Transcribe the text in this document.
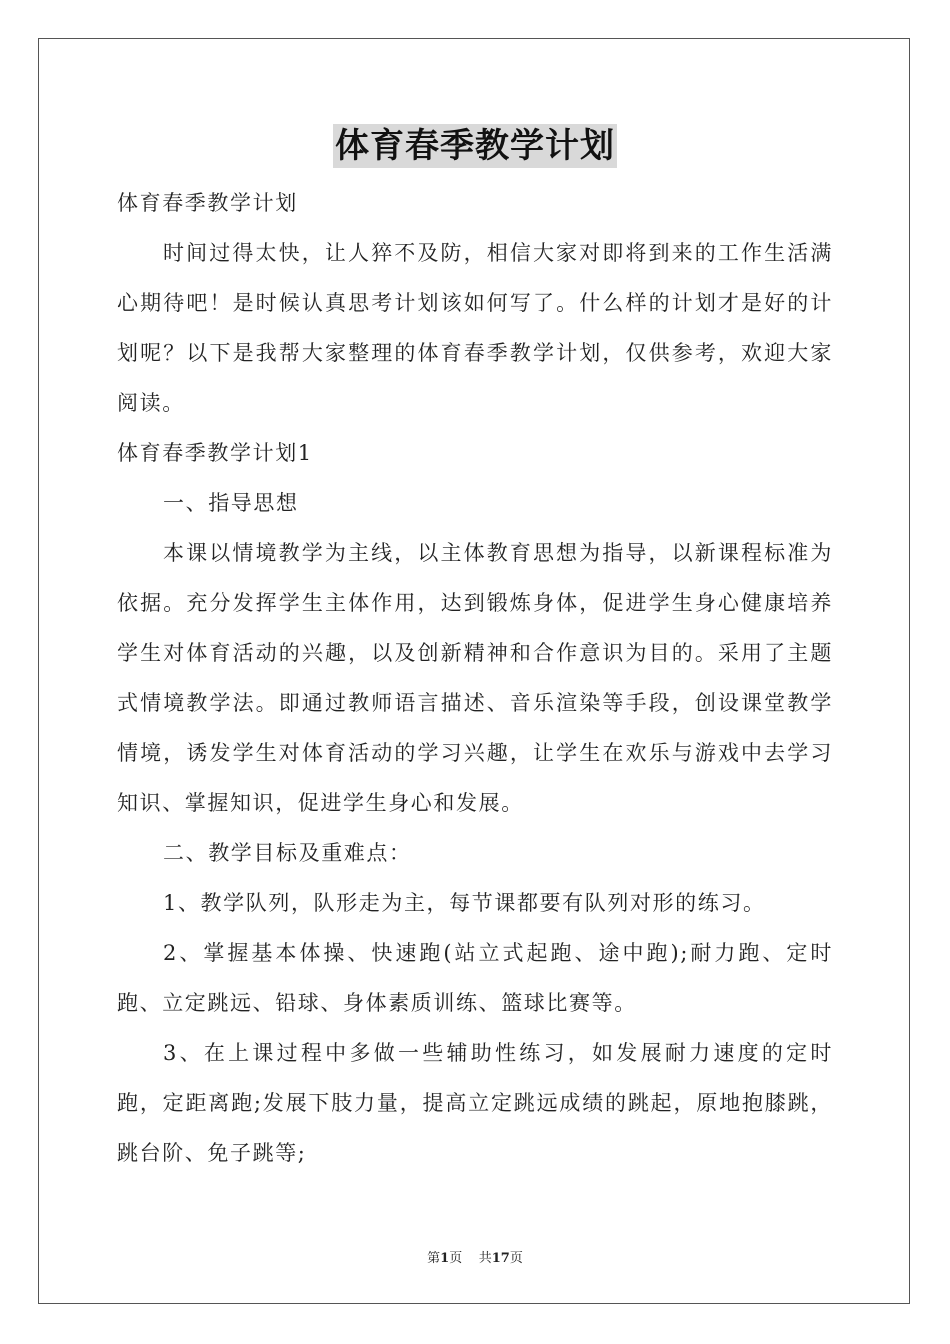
体育春季教学计划

体育春季教学计划

时间过得太快，让人猝不及防，相信大家对即将到来的工作生活满心期待吧！是时候认真思考计划该如何写了。什么样的计划才是好的计划呢？以下是我帮大家整理的体育春季教学计划，仅供参考，欢迎大家阅读。

体育春季教学计划1

一、指导思想

本课以情境教学为主线，以主体教育思想为指导，以新课程标准为依据。充分发挥学生主体作用，达到锻炼身体，促进学生身心健康培养学生对体育活动的兴趣，以及创新精神和合作意识为目的。采用了主题式情境教学法。即通过教师语言描述、音乐渲染等手段，创设课堂教学情境，诱发学生对体育活动的学习兴趣，让学生在欢乐与游戏中去学习知识、掌握知识，促进学生身心和发展。

二、教学目标及重难点：

1、教学队列，队形走为主，每节课都要有队列对形的练习。

2、掌握基本体操、快速跑(站立式起跑、途中跑);耐力跑、定时跑、立定跳远、铅球、身体素质训练、篮球比赛等。

3、在上课过程中多做一些辅助性练习，如发展耐力速度的定时跑，定距离跑;发展下肢力量，提高立定跳远成绩的跳起，原地抱膝跳，跳台阶、免子跳等;

第1页 共17页
